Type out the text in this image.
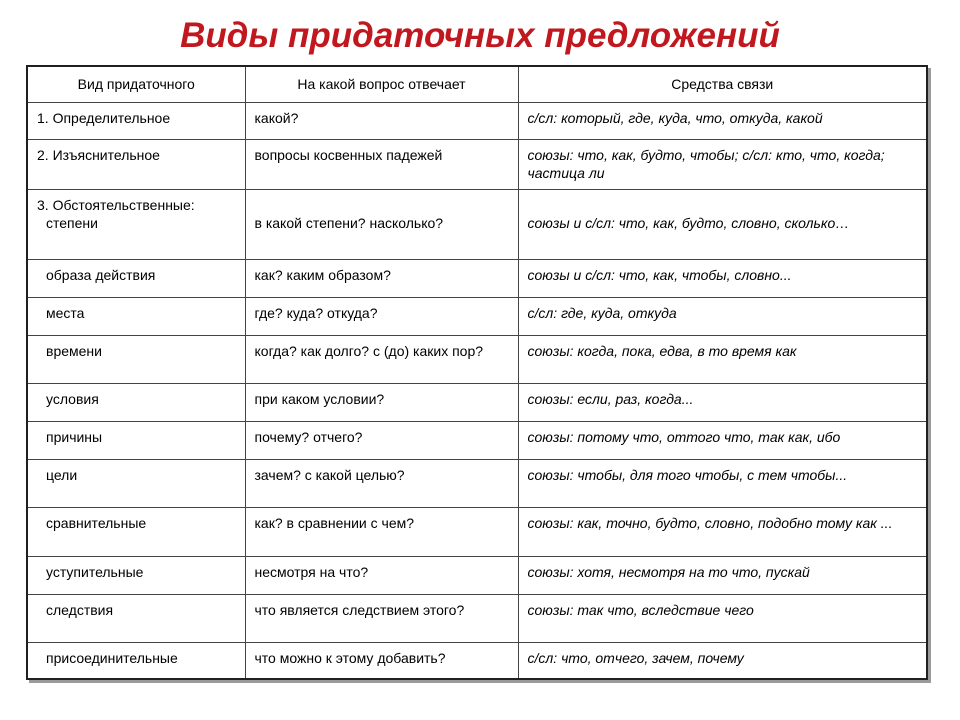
Виды придаточных предложений
Вид придаточного	На какой вопрос отвечает	Средства связи
1. Определительное	какой?	с/сл: который, где, куда, что, откуда, какой
2. Изъяснительное	вопросы косвенных падежей	союзы: что, как, будто, чтобы; с/сл: кто, что, когда; частица ли

3. Обстоятельственные:
степени	в какой степени? насколько?	союзы и с/сл: что, как, будто, словно, сколько…

образа действия	как? каким образом?	союзы и с/сл: что, как, чтобы, словно...

места	где? куда? откуда?	с/сл: где, куда, откуда

времени	когда? как долго? с (до) каких пор?	союзы: когда, пока, едва, в то время как

условия	при каком условии?	союзы: если, раз, когда...

причины	почему? отчего?	союзы: потому что, оттого что, так как, ибо

цели	зачем? с какой целью?	союзы: чтобы, для того чтобы, с тем чтобы...

сравнительные	как? в сравнении с чем?	союзы: как, точно, будто, словно, подобно тому как ...

уступительные	несмотря на что?	союзы: хотя, несмотря на то что, пускай

следствия	что является следствием этого?	союзы: так что, вследствие чего

присоединительные	что можно к этому добавить?	с/сл: что, отчего, зачем, почему
